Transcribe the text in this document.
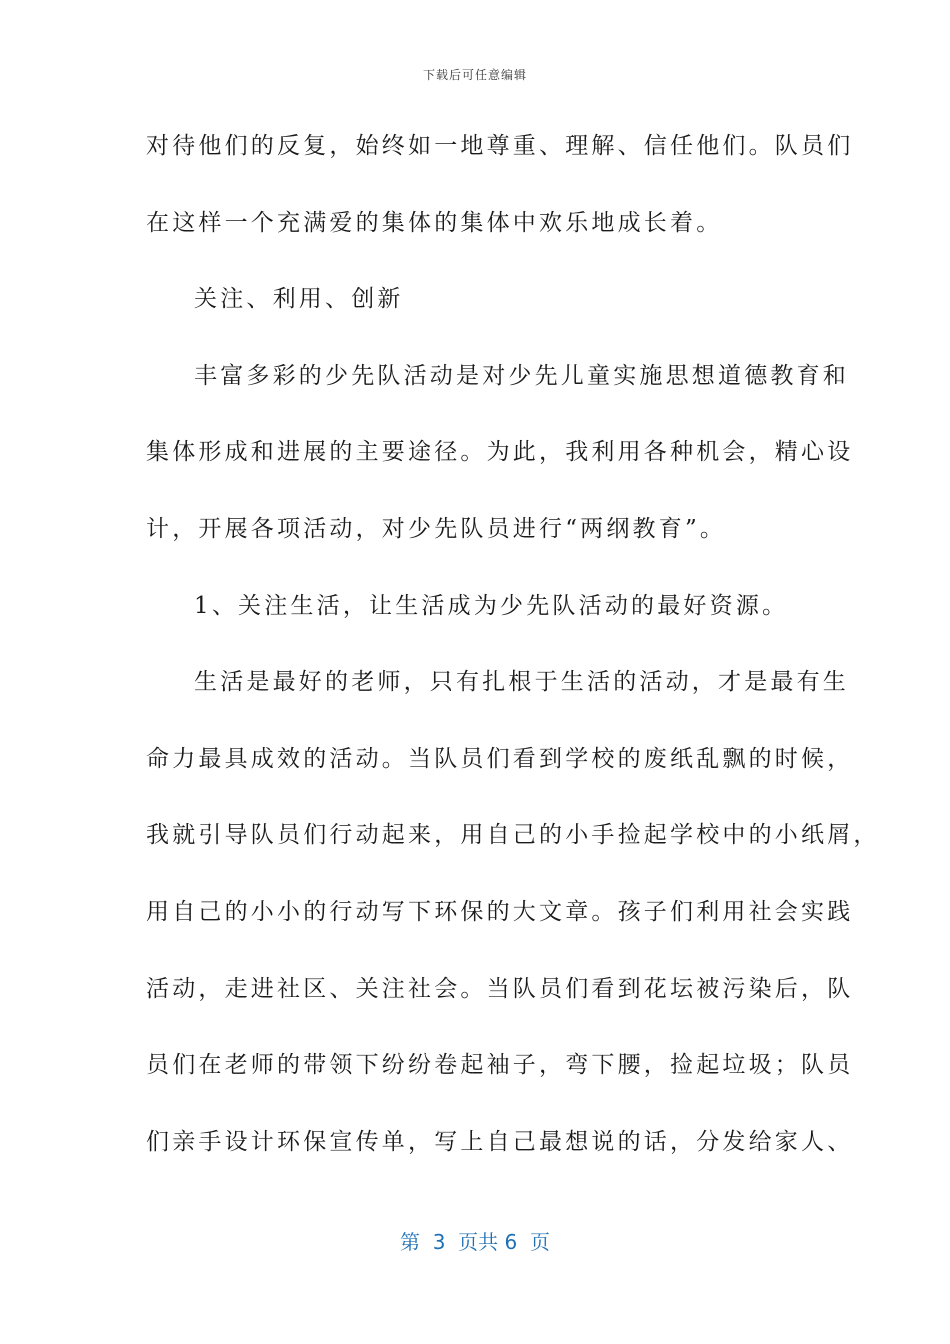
下载后可任意编辑
对待他们的反复，始终如一地尊重、理解、信任他们。队员们
在这样一个充满爱的集体的集体中欢乐地成长着。
关注、利用、创新
丰富多彩的少先队活动是对少先儿童实施思想道德教育和
集体形成和进展的主要途径。为此，我利用各种机会，精心设
计，开展各项活动，对少先队员进行“两纲教育”。
1、关注生活，让生活成为少先队活动的最好资源。
生活是最好的老师，只有扎根于生活的活动，才是最有生
命力最具成效的活动。当队员们看到学校的废纸乱飘的时候，
我就引导队员们行动起来，用自己的小手捡起学校中的小纸屑，
用自己的小小的行动写下环保的大文章。孩子们利用社会实践
活动，走进社区、关注社会。当队员们看到花坛被污染后，队
员们在老师的带领下纷纷卷起袖子，弯下腰，捡起垃圾；队员
们亲手设计环保宣传单，写上自己最想说的话，分发给家人、
第  3  页共 6  页
